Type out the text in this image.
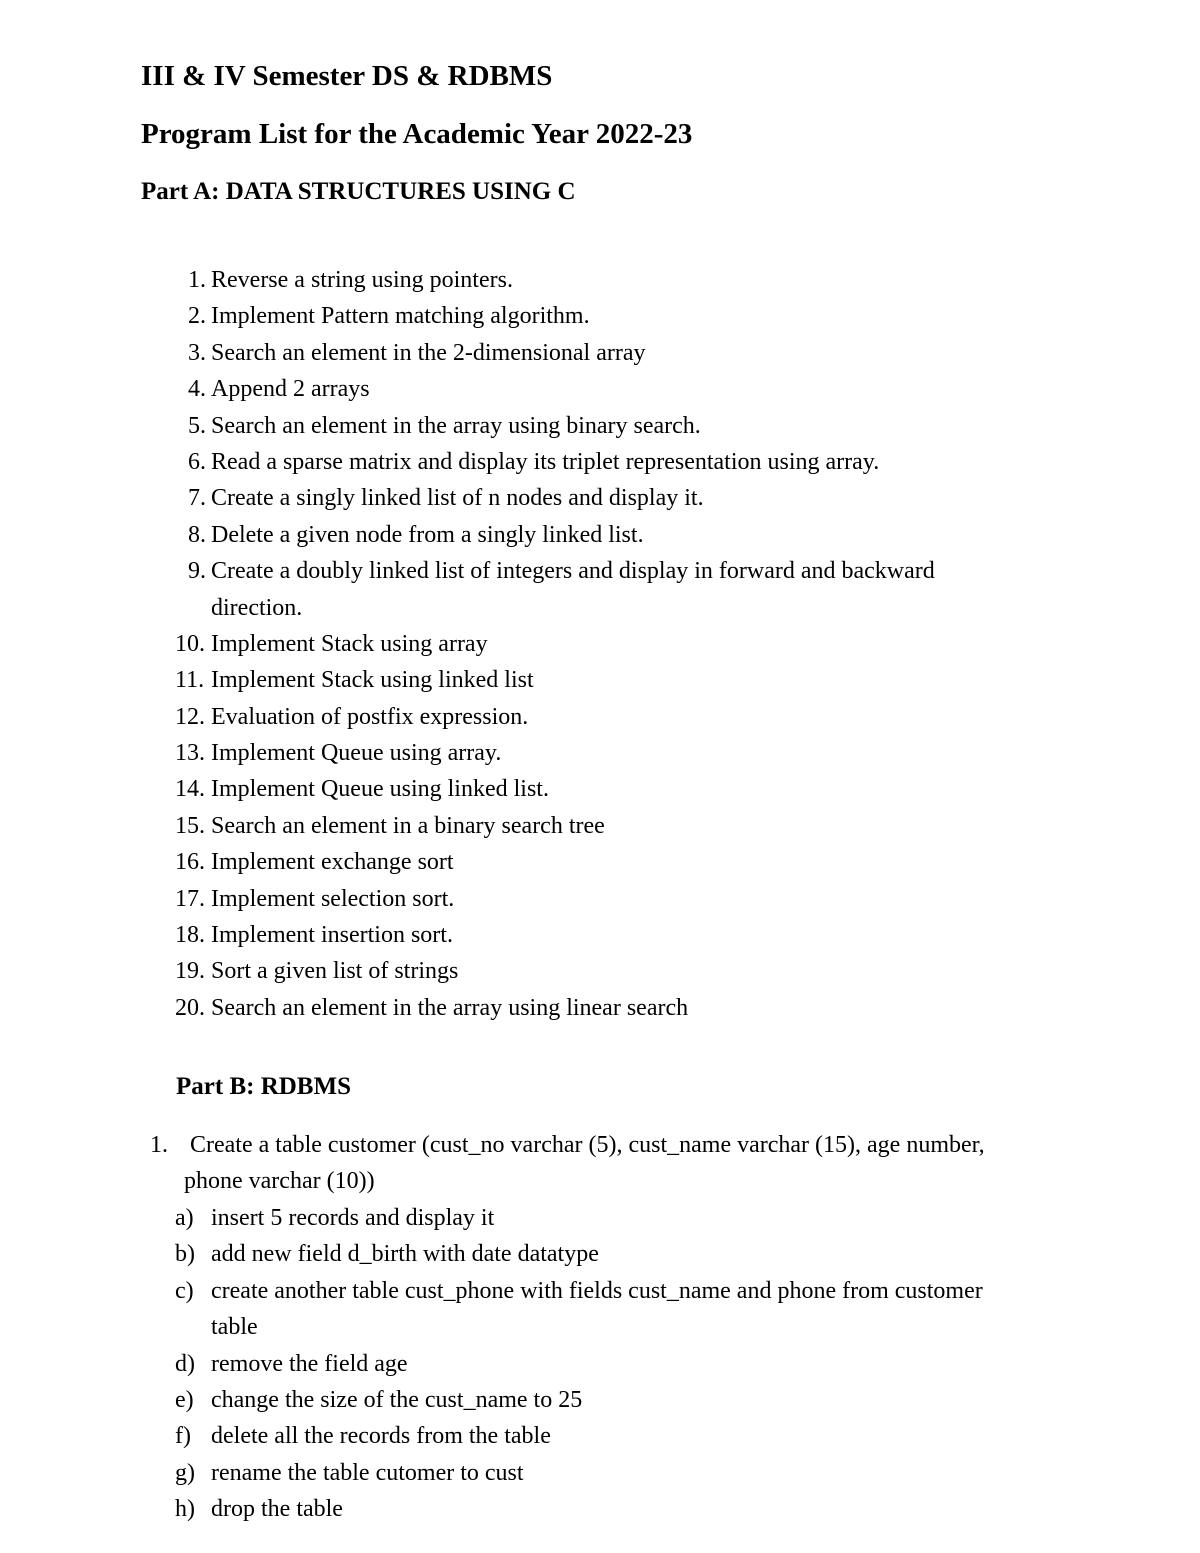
III & IV Semester DS & RDBMS
Program List for the Academic Year 2022-23
Part A: DATA STRUCTURES USING C
1. Reverse a string using pointers.
2. Implement Pattern matching algorithm.
3. Search an element in the 2-dimensional array
4. Append 2 arrays
5. Search an element in the array using binary search.
6. Read a sparse matrix and display its triplet representation using array.
7. Create a singly linked list of n nodes and display it.
8. Delete a given node from a singly linked list.
9. Create a doubly linked list of integers and display in forward and backward
direction.
10. Implement Stack using array
11. Implement Stack using linked list
12. Evaluation of postfix expression.
13. Implement Queue using array.
14. Implement Queue using linked list.
15. Search an element in a binary search tree
16. Implement exchange sort
17. Implement selection sort.
18. Implement insertion sort.
19. Sort a given list of strings
20. Search an element in the array using linear search
Part B: RDBMS
1. Create a table customer (cust_no varchar (5), cust_name varchar (15), age number,
phone varchar (10))
a) insert 5 records and display it
b) add new field d_birth with date datatype
c) create another table cust_phone with fields cust_name and phone from customer
table
d) remove the field age
e) change the size of the cust_name to 25
f) delete all the records from the table
g) rename the table cutomer to cust
h) drop the table
